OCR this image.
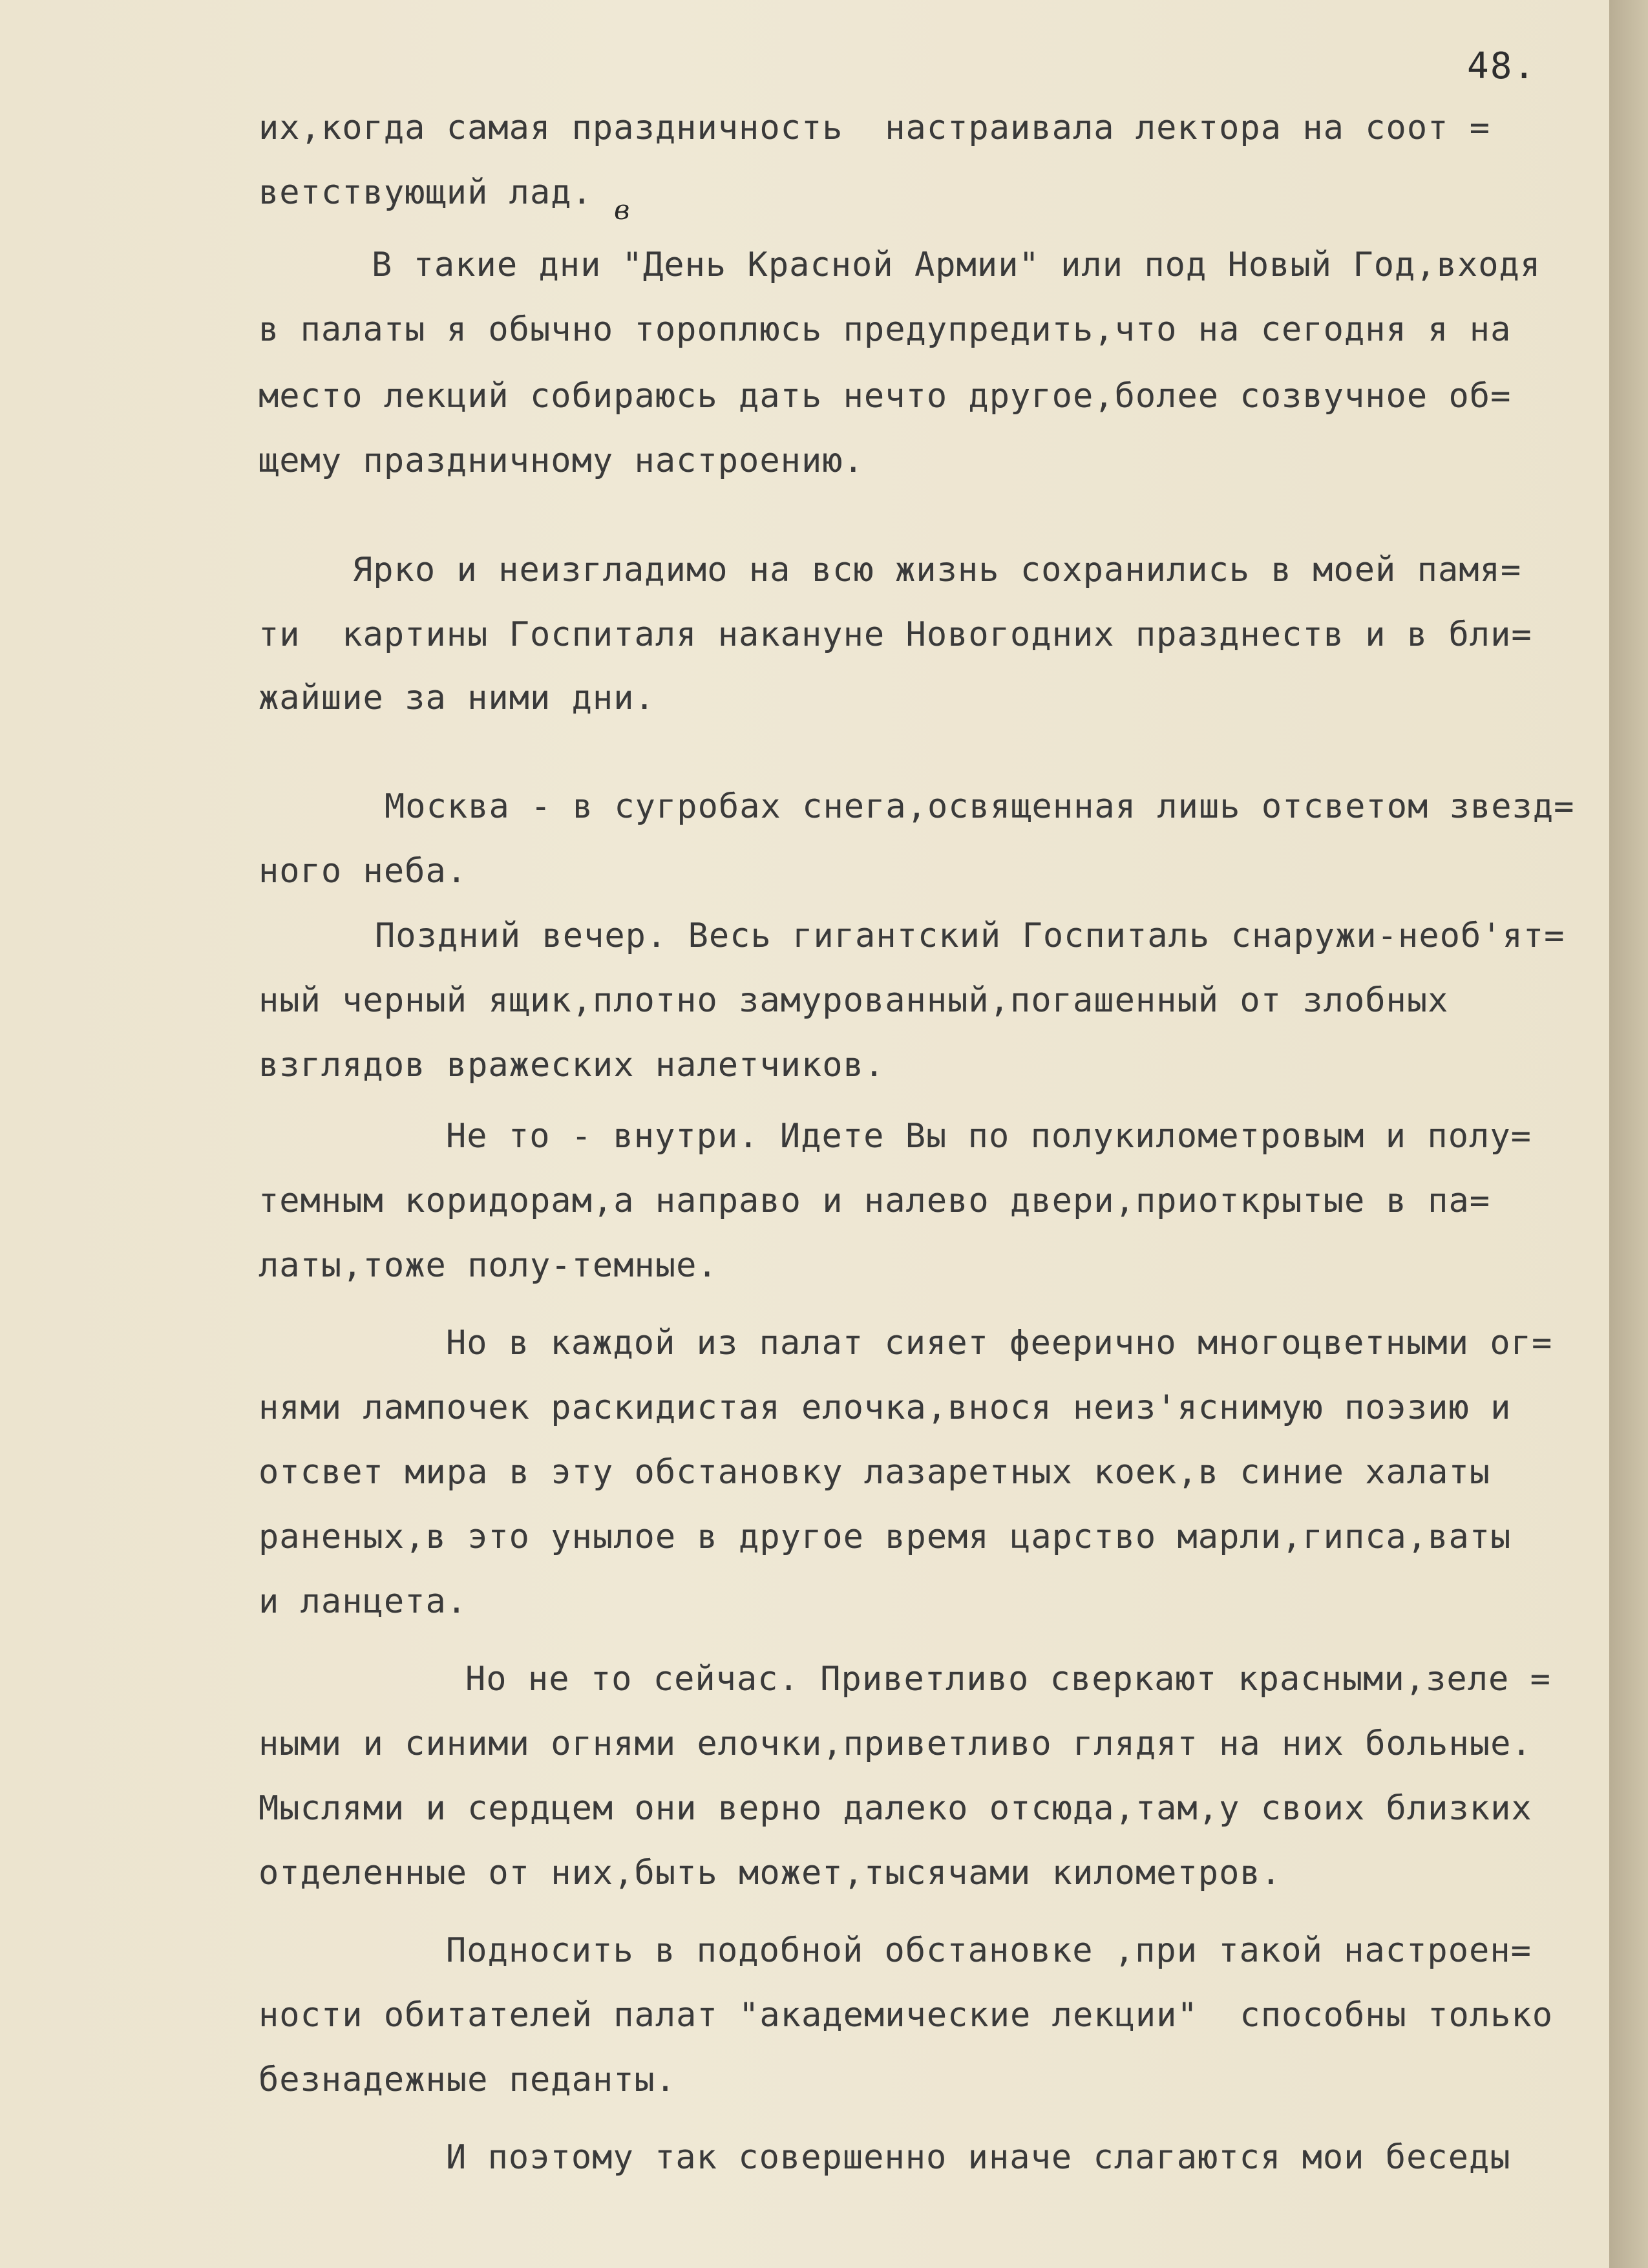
48.
их,когда самая праздничность  настраивала лектора на соот =
ветствующий лад. в
В такие дни "День Красной Армии" или под Новый Год,входя
в палаты я обычно тороплюсь предупредить,что на сегодня я на
место лекций собираюсь дать нечто другое,более созвучное об=
щему праздничному настроению.
Ярко и неизгладимо на всю жизнь сохранились в моей памя=
ти  картины Госпиталя накануне Новогодних празднеств и в бли=
жайшие за ними дни.
Москва - в сугробах снега,освященная лишь отсветом звезд=
ного неба.
Поздний вечер. Весь гигантский Госпиталь снаружи-необ'ят=
ный черный ящик,плотно замурованный,погашенный от злобных
взглядов вражеских налетчиков.
Не то - внутри. Идете Вы по полукилометровым и полу=
темным коридорам,а направо и налево двери,приоткрытые в па=
латы,тоже полу-темные.
Но в каждой из палат сияет феерично многоцветными ог=
нями лампочек раскидистая елочка,внося неиз'яснимую поэзию и
отсвет мира в эту обстановку лазаретных коек,в синие халаты
раненых,в это унылое в другое время царство марли,гипса,ваты
и ланцета.
Но не то сейчас. Приветливо сверкают красными,зеле =
ными и синими огнями елочки,приветливо глядят на них больные.
Мыслями и сердцем они верно далеко отсюда,там,у своих близких
отделенные от них,быть может,тысячами километров.
Подносить в подобной обстановке ,при такой настроен=
ности обитателей палат "академические лекции"  способны только
безнадежные педанты.
И поэтому так совершенно иначе слагаются мои беседы
